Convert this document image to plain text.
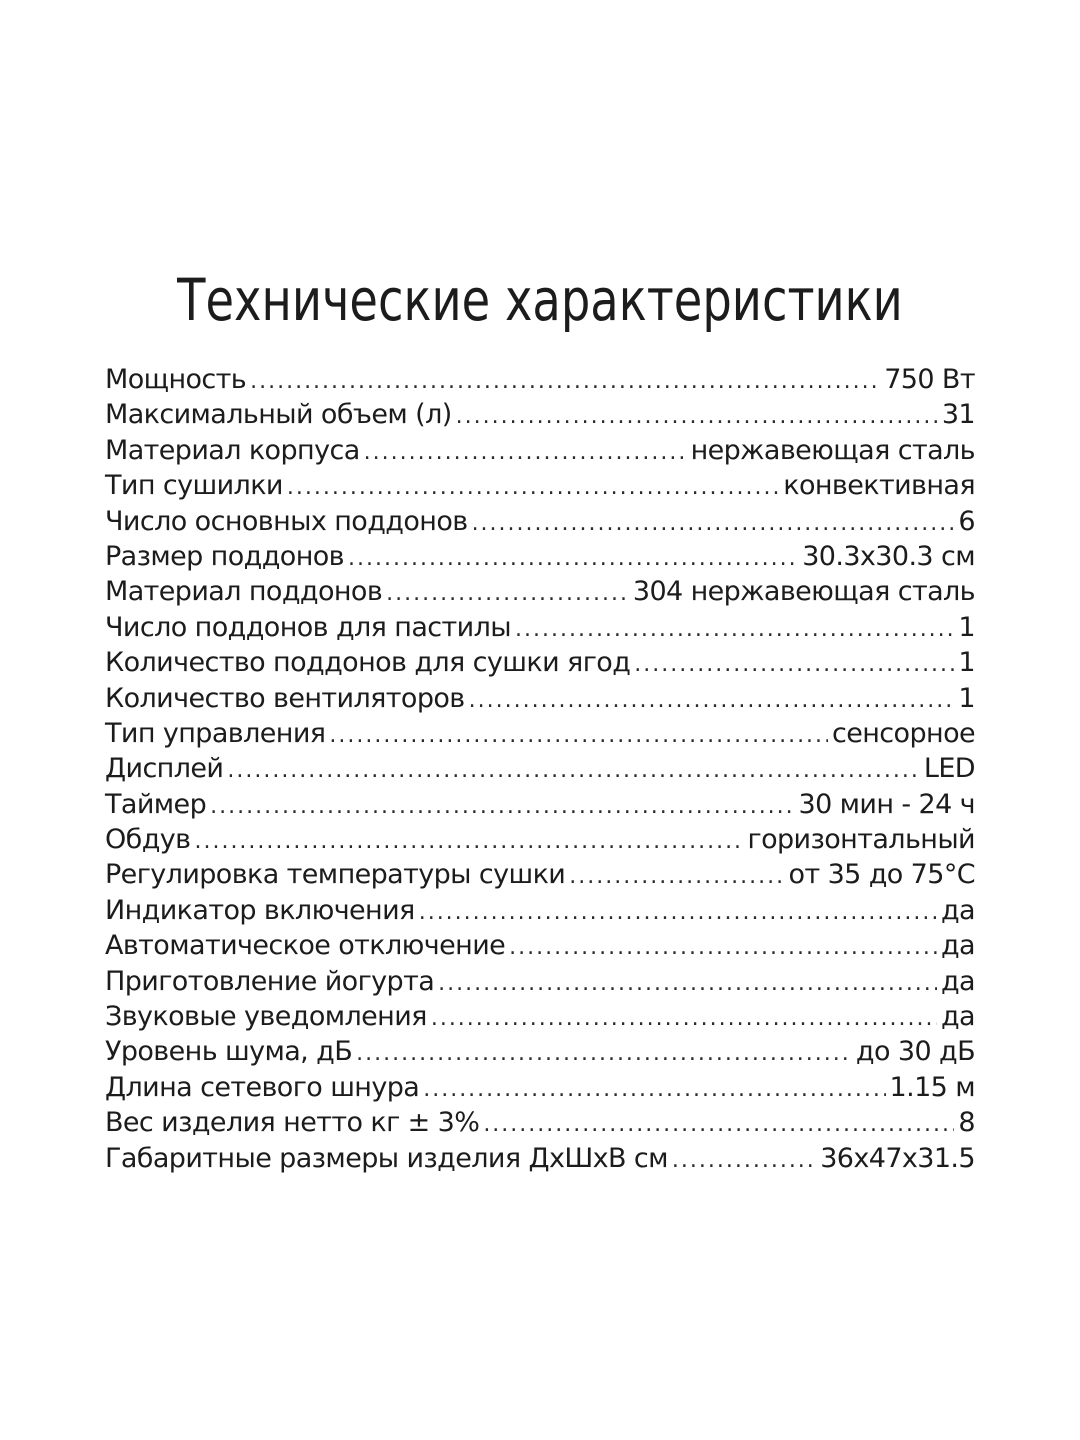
Технические характеристики
Мощность .....	750 Вт
Максимальный объем (л) .....	31
Материал корпуса .....	нержавеющая сталь
Тип сушилки .....	конвективная
Число основных поддонов .....	6
Размер поддонов .....	30.3х30.3 см
Материал поддонов .....	304 нержавеющая сталь
Число поддонов для пастилы .....	1
Количество поддонов для сушки ягод .....	1
Количество вентиляторов .....	1
Тип управления .....	сенсорное
Дисплей .....	LED
Таймер .....	30 мин - 24 ч
Обдув .....	горизонтальный
Регулировка температуры сушки .....	от 35 до 75°С
Индикатор включения .....	да
Автоматическое отключение .....	да
Приготовление йогурта .....	да
Звуковые уведомления .....	да
Уровень шума, дБ .....	до 30 дБ
Длина сетевого шнура .....	1.15 м
Вес изделия нетто кг ± 3% .....	8
Габаритные размеры изделия ДхШхВ см .....	36х47х31.5
